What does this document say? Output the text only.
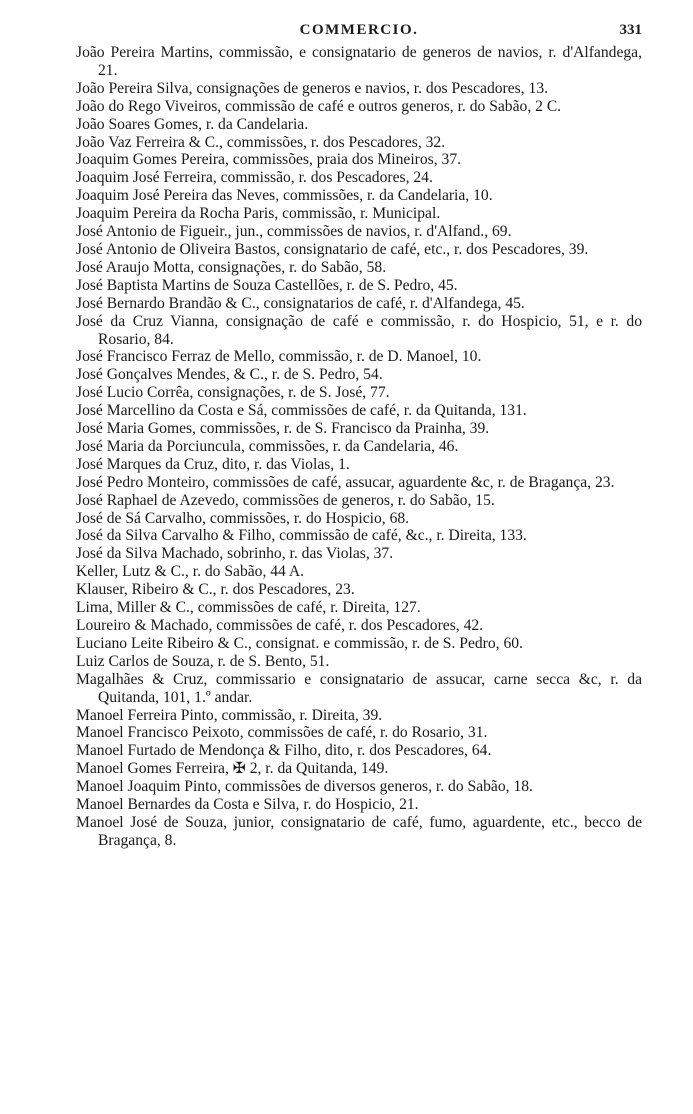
COMMERCIO.	331
João Pereira Martins, commissão, e consignatario de generos de navios, r. d'Alfandega, 21.
João Pereira Silva, consignações de generos e navios, r. dos Pescadores, 13.
João do Rego Viveiros, commissão de café e outros generos, r. do Sabão, 2 C.
João Soares Gomes, r. da Candelaria.
João Vaz Ferreira & C., commissões, r. dos Pescadores, 32.
Joaquim Gomes Pereira, commissões, praia dos Mineiros, 37.
Joaquim José Ferreira, commissão, r. dos Pescadores, 24.
Joaquim José Pereira das Neves, commissões, r. da Candelaria, 10.
Joaquim Pereira da Rocha Paris, commissão, r. Municipal.
José Antonio de Figueir., jun., commissões de navios, r. d'Alfand., 69.
José Antonio de Oliveira Bastos, consignatario de café, etc., r. dos Pescadores, 39.
José Araujo Motta, consignações, r. do Sabão, 58.
José Baptista Martins de Souza Castellões, r. de S. Pedro, 45.
José Bernardo Brandão & C., consignatarios de café, r. d'Alfandega, 45.
José da Cruz Vianna, consignação de café e commissão, r. do Hospicio, 51, e r. do Rosario, 84.
José Francisco Ferraz de Mello, commissão, r. de D. Manoel, 10.
José Gonçalves Mendes, & C., r. de S. Pedro, 54.
José Lucio Corrêa, consignações, r. de S. José, 77.
José Marcellino da Costa e Sá, commissões de café, r. da Quitanda, 131.
José Maria Gomes, commissões, r. de S. Francisco da Prainha, 39.
José Maria da Porciuncula, commissões, r. da Candelaria, 46.
José Marques da Cruz, dito, r. das Violas, 1.
José Pedro Monteiro, commissões de café, assucar, aguardente &c, r. de Bragança, 23.
José Raphael de Azevedo, commissões de generos, r. do Sabão, 15.
José de Sá Carvalho, commissões, r. do Hospicio, 68.
José da Silva Carvalho & Filho, commissão de café, &c., r. Direita, 133.
José da Silva Machado, sobrinho, r. das Violas, 37.
Keller, Lutz & C., r. do Sabão, 44 A.
Klauser, Ribeiro & C., r. dos Pescadores, 23.
Lima, Miller & C., commissões de café, r. Direita, 127.
Loureiro & Machado, commissões de café, r. dos Pescadores, 42.
Luciano Leite Ribeiro & C., consignat. e commissão, r. de S. Pedro, 60.
Luiz Carlos de Souza, r. de S. Bento, 51.
Magalhães & Cruz, commissario e consignatario de assucar, carne secca &c, r. da Quitanda, 101, 1.º andar.
Manoel Ferreira Pinto, commissão, r. Direita, 39.
Manoel Francisco Peixoto, commissões de café, r. do Rosario, 31.
Manoel Furtado de Mendonça & Filho, dito, r. dos Pescadores, 64.
Manoel Gomes Ferreira, ✠ 2, r. da Quitanda, 149.
Manoel Joaquim Pinto, commissões de diversos generos, r. do Sabão, 18.
Manoel Bernardes da Costa e Silva, r. do Hospicio, 21.
Manoel José de Souza, junior, consignatario de café, fumo, aguardente, etc., becco de Bragança, 8.
